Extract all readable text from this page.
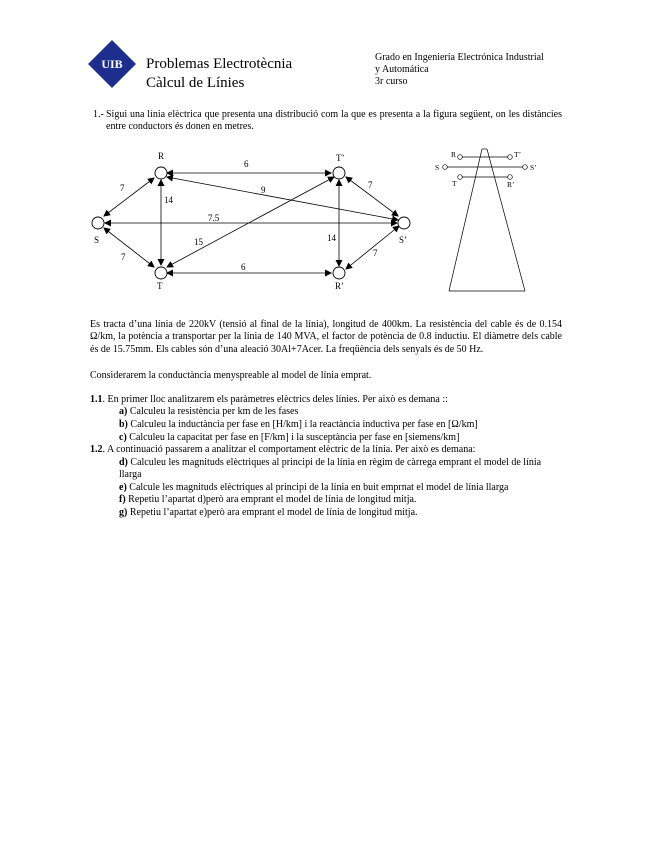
UIB Problemas Electrotècnia
Càlcul de Línies
Grado en Ingeniería Electrónica Industrial
y Automática
3r curso
1.- Sigui una línia elèctrica que presenta una distribució com la que es presenta a la figura següent, on les distàncies entre conductors és donen en metres.
R	T’
S	S’
T	R’
6
7	9	7
14
7.5
15	14
7	7
6
R	T’
S	S’
T	R’
Es tracta d’una línia de 220kV (tensió al final de la línia), longitud de 400km. La resistència del cable és de 0.154 Ω/km, la potència a transportar per la línia de 140 MVA, el factor de potència de 0.8 inductiu. El diàmetre dels cable és de 15.75mm. Els cables són d’una aleació 30Al+7Acer. La freqüència dels senyals és de 50 Hz.
Considerarem la conductància menyspreable al model de línia emprat.
1.1. En primer lloc analitzarem els paràmetres elèctrics deles línies. Per això es demana ::
a) Calculeu la resistència per km de les fases
b) Calculeu la inductància per fase en [H/km] i la reactància inductiva per fase en [Ω/km]
c) Calculeu la capacitat per fase en [F/km] i la susceptància per fase en [siemens/km]
1.2. A continuació passarem a analitzar el comportament elèctric de la línia. Per això es demana:
d) Calculeu les magnituds elèctriques al principi de la línia en règim de càrrega emprant el model de línia llarga
e) Calcule les magnituds elèctriques al principi de la línia en buit emprnat el model de línia llarga
f) Repetiu l’apartat d)però ara emprant el model de línia de longitud mitja.
g) Repetiu l’apartat e)però ara emprant el model de línia de longitud mitja.
